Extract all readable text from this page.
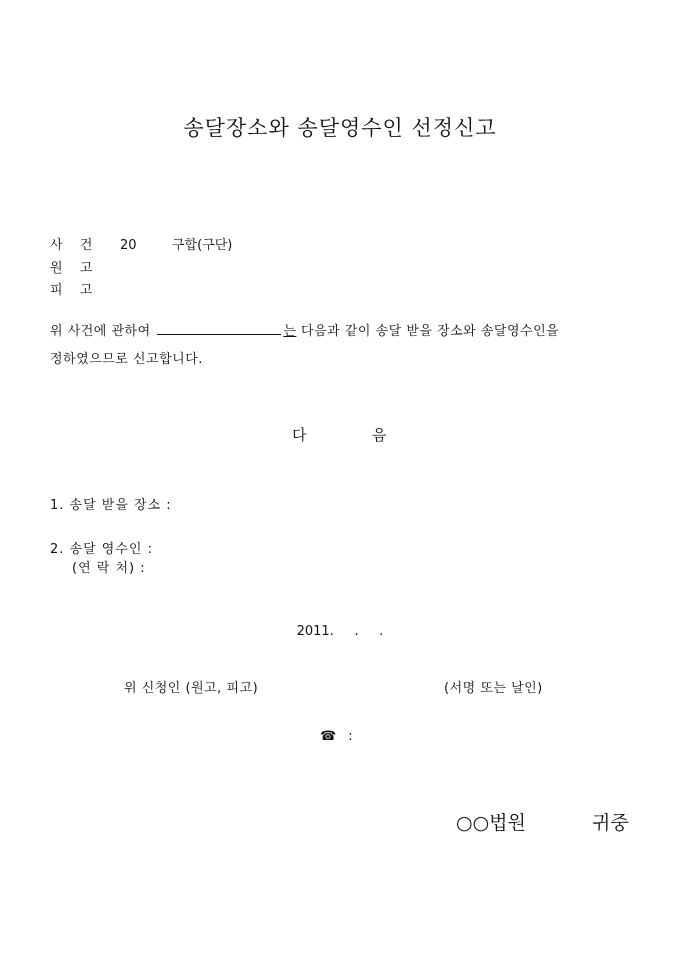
송달장소와 송달영수인 선정신고
사  건 20	구합(구단)
원  고
피  고
위 사건에 관하여	는 다음과 같이 송달 받을 장소와 송달영수인을
정하였으므로 신고합니다.
다	음
1. 송달 받을 장소 :
2. 송달 영수인 :
(연 락 처) :
2011.     .     .
위 신청인 (원고, 피고)	(서명 또는 날인)
☎ :
○○법원	귀중
